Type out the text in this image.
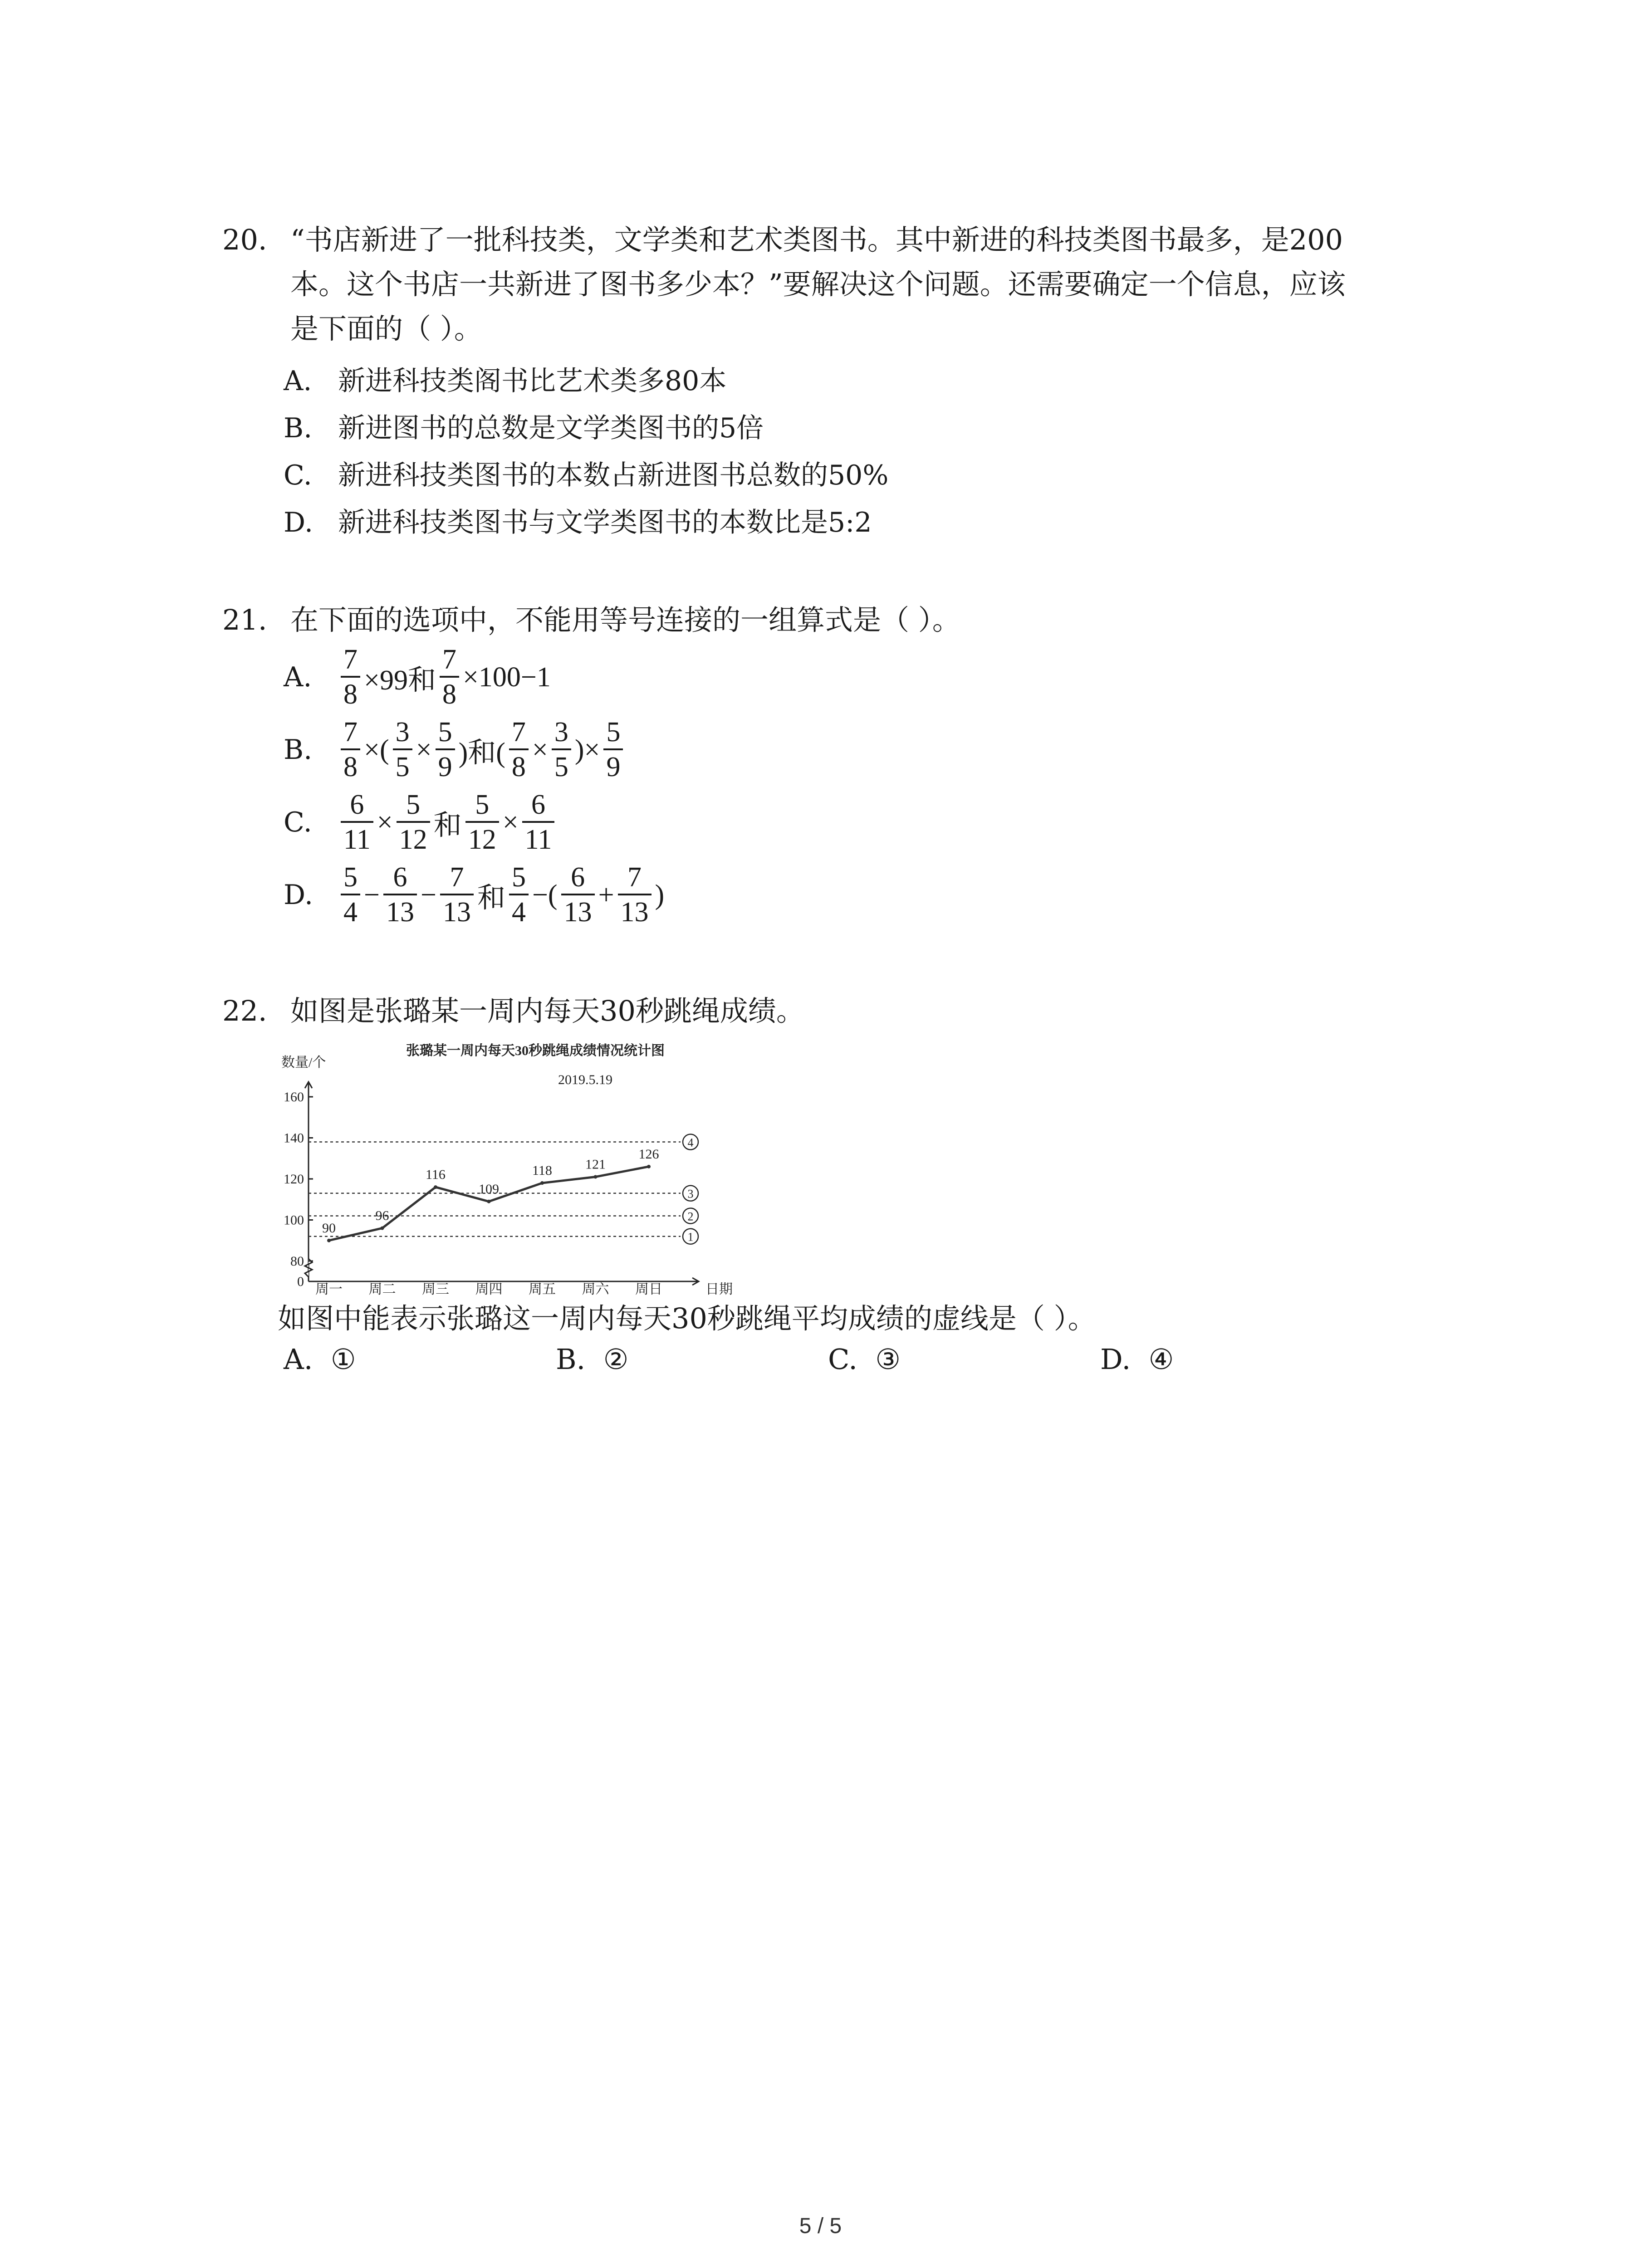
20. “书店新进了一批科技类，文学类和艺术类图书。其中新进的科技类图书最多，是200
本。这个书店一共新进了图书多少本？”要解决这个问题。还需要确定一个信息，应该
是下面的（ ）。
A. 新进科技类阁书比艺术类多80本
B. 新进图书的总数是文学类图书的5倍
C. 新进科技类图书的本数占新进图书总数的50%
D. 新进科技类图书与文学类图书的本数比是5:2
21. 在下面的选项中，不能用等号连接的一组算式是（ ）。
A.	$\frac{7}{8} \times 99$和 $\frac{7}{8} \times 100-1$
B.	$\frac{7}{8}$ ×( $\frac{3}{5} \times \frac{5}{9}$ )和( $\frac{7}{8} \times \frac{3}{5}$ )× $\frac{5}{9}$
C.	$\frac{6}{11} \times \frac{5}{12}$ 和 $\frac{5}{12} \times \frac{6}{11}$
D. $\frac{5}{4} - \frac{6}{13} - \frac{7}{13}$ 和 $\frac{5}{4}$ −( $\frac{6}{13} + \frac{7}{13}$ )
22. 如图是张璐某一周内每天30秒跳绳成绩。
数量/个
张璐某一周内每天30秒跳绳成绩情况统计图
2019.5.19
日期
0
80
100
120
140
160
1
2
3
4
周一 周二 周三 周四 周五 周六 周日
90
96
116
109
118 121
126
如图中能表示张璐这一周内每天30秒跳绳平均成绩的虚线是（ ）。
A. ①	B. ②	C. ③	D. ④
5 / 5
